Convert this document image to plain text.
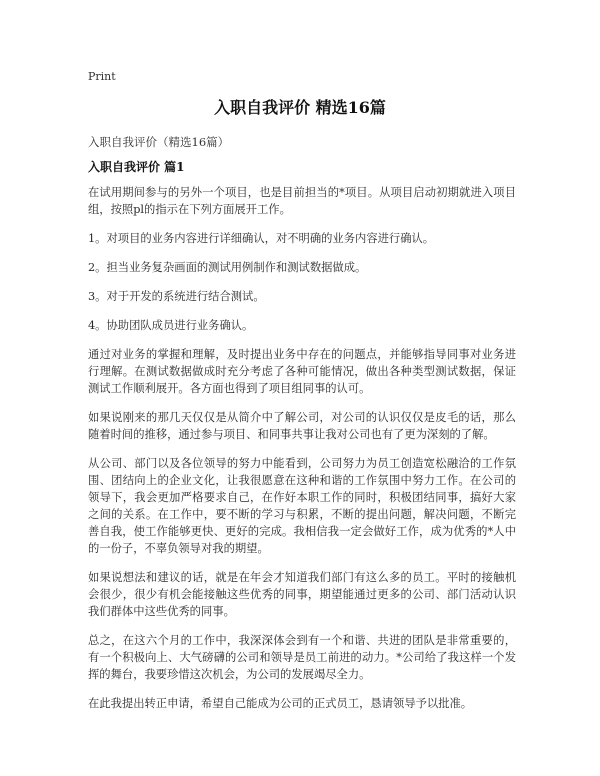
Print
入职自我评价 精选16篇
入职自我评价（精选16篇）
入职自我评价 篇1

在试用期间参与的另外一个项目，也是目前担当的*项目。从项目启动初期就进入项目组，按照pl的指示在下列方面展开工作。

1。对项目的业务内容进行详细确认，对不明确的业务内容进行确认。

2。担当业务复杂画面的测试用例制作和测试数据做成。

3。对于开发的系统进行结合测试。

4。协助团队成员进行业务确认。

通过对业务的掌握和理解，及时提出业务中存在的问题点，并能够指导同事对业务进行理解。在测试数据做成时充分考虑了各种可能情况，做出各种类型测试数据，保证测试工作顺利展开。各方面也得到了项目组同事的认可。

如果说刚来的那几天仅仅是从简介中了解公司，对公司的认识仅仅是皮毛的话，那么随着时间的推移，通过参与项目、和同事共事让我对公司也有了更为深刻的了解。

从公司、部门以及各位领导的努力中能看到，公司努力为员工创造宽松融洽的工作氛围、团结向上的企业文化，让我很愿意在这种和谐的工作氛围中努力工作。在公司的领导下，我会更加严格要求自己，在作好本职工作的同时，积极团结同事，搞好大家之间的关系。在工作中，要不断的学习与积累，不断的提出问题，解决问题，不断完善自我，使工作能够更快、更好的完成。我相信我一定会做好工作，成为优秀的*人中的一份子，不辜负领导对我的期望。

如果说想法和建议的话，就是在年会才知道我们部门有这么多的员工。平时的接触机会很少，很少有机会能接触这些优秀的同事，期望能通过更多的公司、部门活动认识我们群体中这些优秀的同事。

总之，在这六个月的工作中，我深深体会到有一个和谐、共进的团队是非常重要的，有一个积极向上、大气磅礴的公司和领导是员工前进的动力。*公司给了我这样一个发挥的舞台，我要珍惜这次机会，为公司的发展竭尽全力。

在此我提出转正申请，希望自己能成为公司的正式员工，恳请领导予以批准。
